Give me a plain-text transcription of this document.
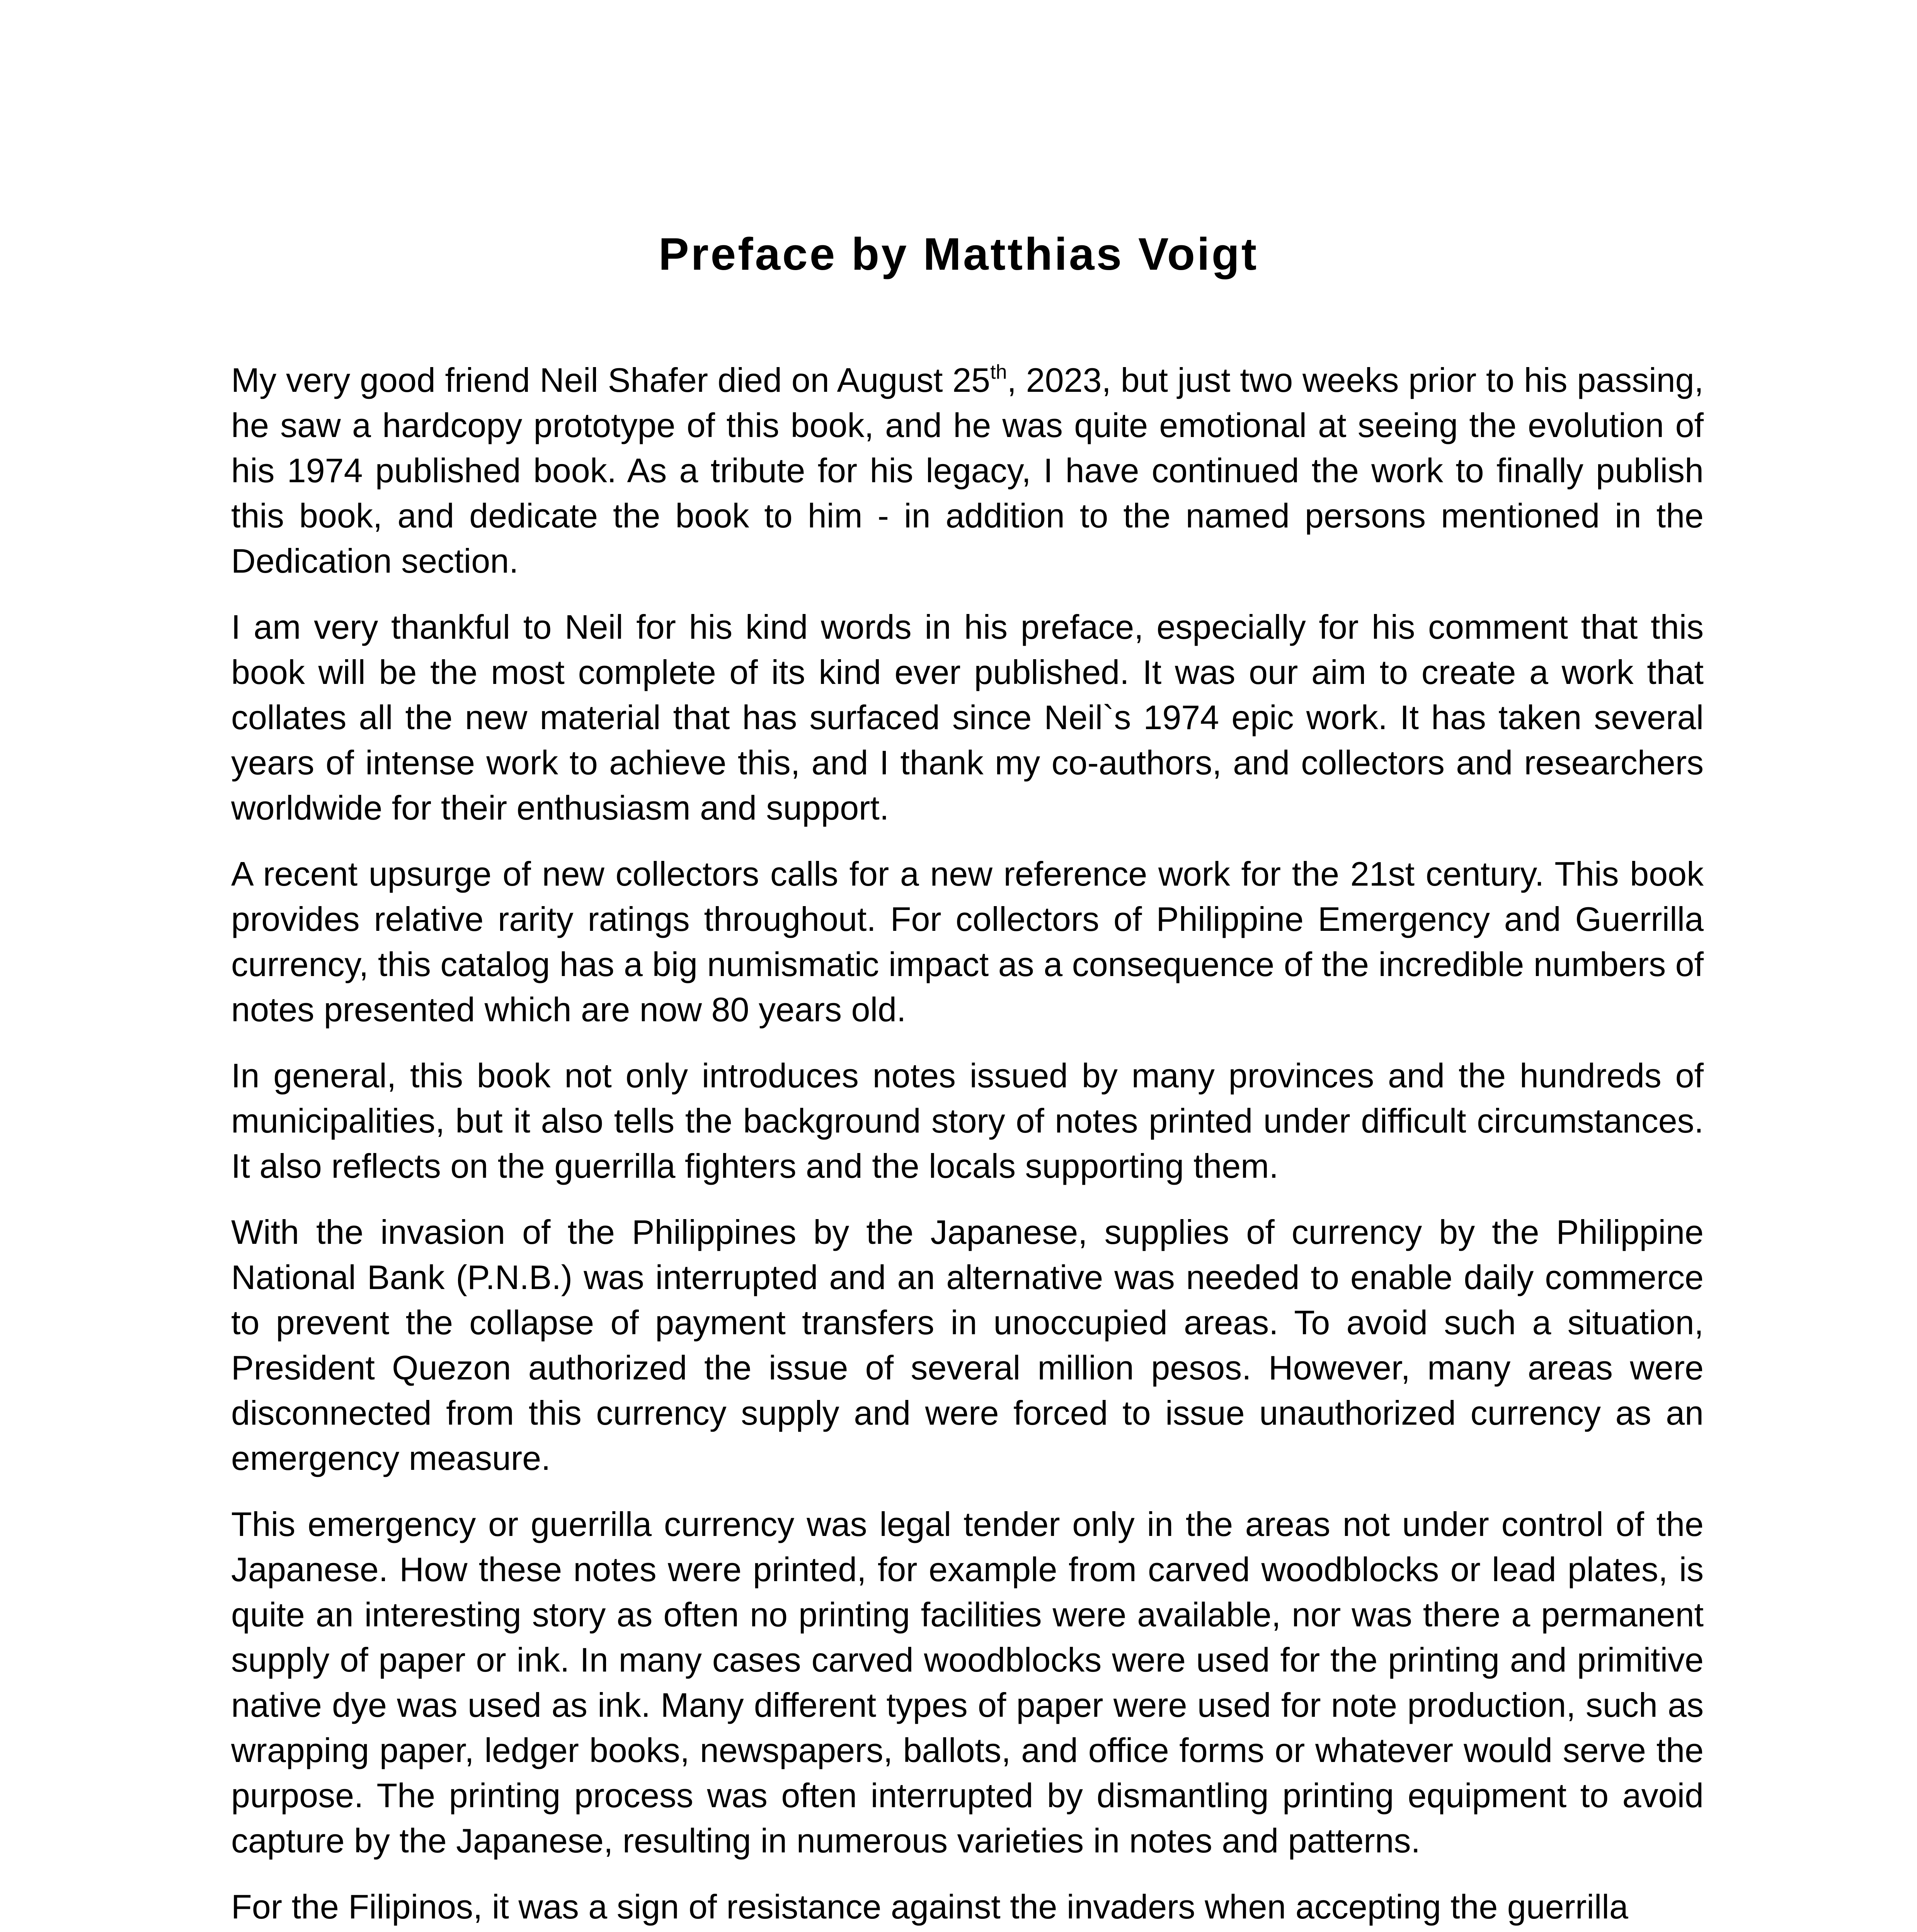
Preface by Matthias Voigt

My very good friend Neil Shafer died on August 25th, 2023, but just two weeks prior to his passing, he saw a hardcopy prototype of this book, and he was quite emotional at seeing the evolution of his 1974 published book. As a tribute for his legacy, I have continued the work to finally publish this book, and dedicate the book to him - in addition to the named persons mentioned in the Dedication section.

I am very thankful to Neil for his kind words in his preface, especially for his comment that this book will be the most complete of its kind ever published. It was our aim to create a work that collates all the new material that has surfaced since Neil`s 1974 epic work. It has taken several years of intense work to achieve this, and I thank my co-authors, and collectors and researchers worldwide for their enthusiasm and support.

A recent upsurge of new collectors calls for a new reference work for the 21st century. This book provides relative rarity ratings throughout. For collectors of Philippine Emergency and Guerrilla currency, this catalog has a big numismatic impact as a consequence of the incredible numbers of notes presented which are now 80 years old.

In general, this book not only introduces notes issued by many provinces and the hundreds of municipalities, but it also tells the background story of notes printed under difficult circumstances. It also reflects on the guerrilla fighters and the locals supporting them.

With the invasion of the Philippines by the Japanese, supplies of currency by the Philippine National Bank (P.N.B.) was interrupted and an alternative was needed to enable daily commerce to prevent the collapse of payment transfers in unoccupied areas. To avoid such a situation, President Quezon authorized the issue of several million pesos. However, many areas were disconnected from this currency supply and were forced to issue unauthorized currency as an emergency measure.

This emergency or guerrilla currency was legal tender only in the areas not under control of the Japanese. How these notes were printed, for example from carved woodblocks or lead plates, is quite an interesting story as often no printing facilities were available, nor was there a permanent supply of paper or ink. In many cases carved woodblocks were used for the printing and primitive native dye was used as ink. Many different types of paper were used for note production, such as wrapping paper, ledger books, newspapers, ballots, and office forms or whatever would serve the purpose. The printing process was often interrupted by dismantling printing equipment to avoid capture by the Japanese, resulting in numerous varieties in notes and patterns.

For the Filipinos, it was a sign of resistance against the invaders when accepting the guerrilla
